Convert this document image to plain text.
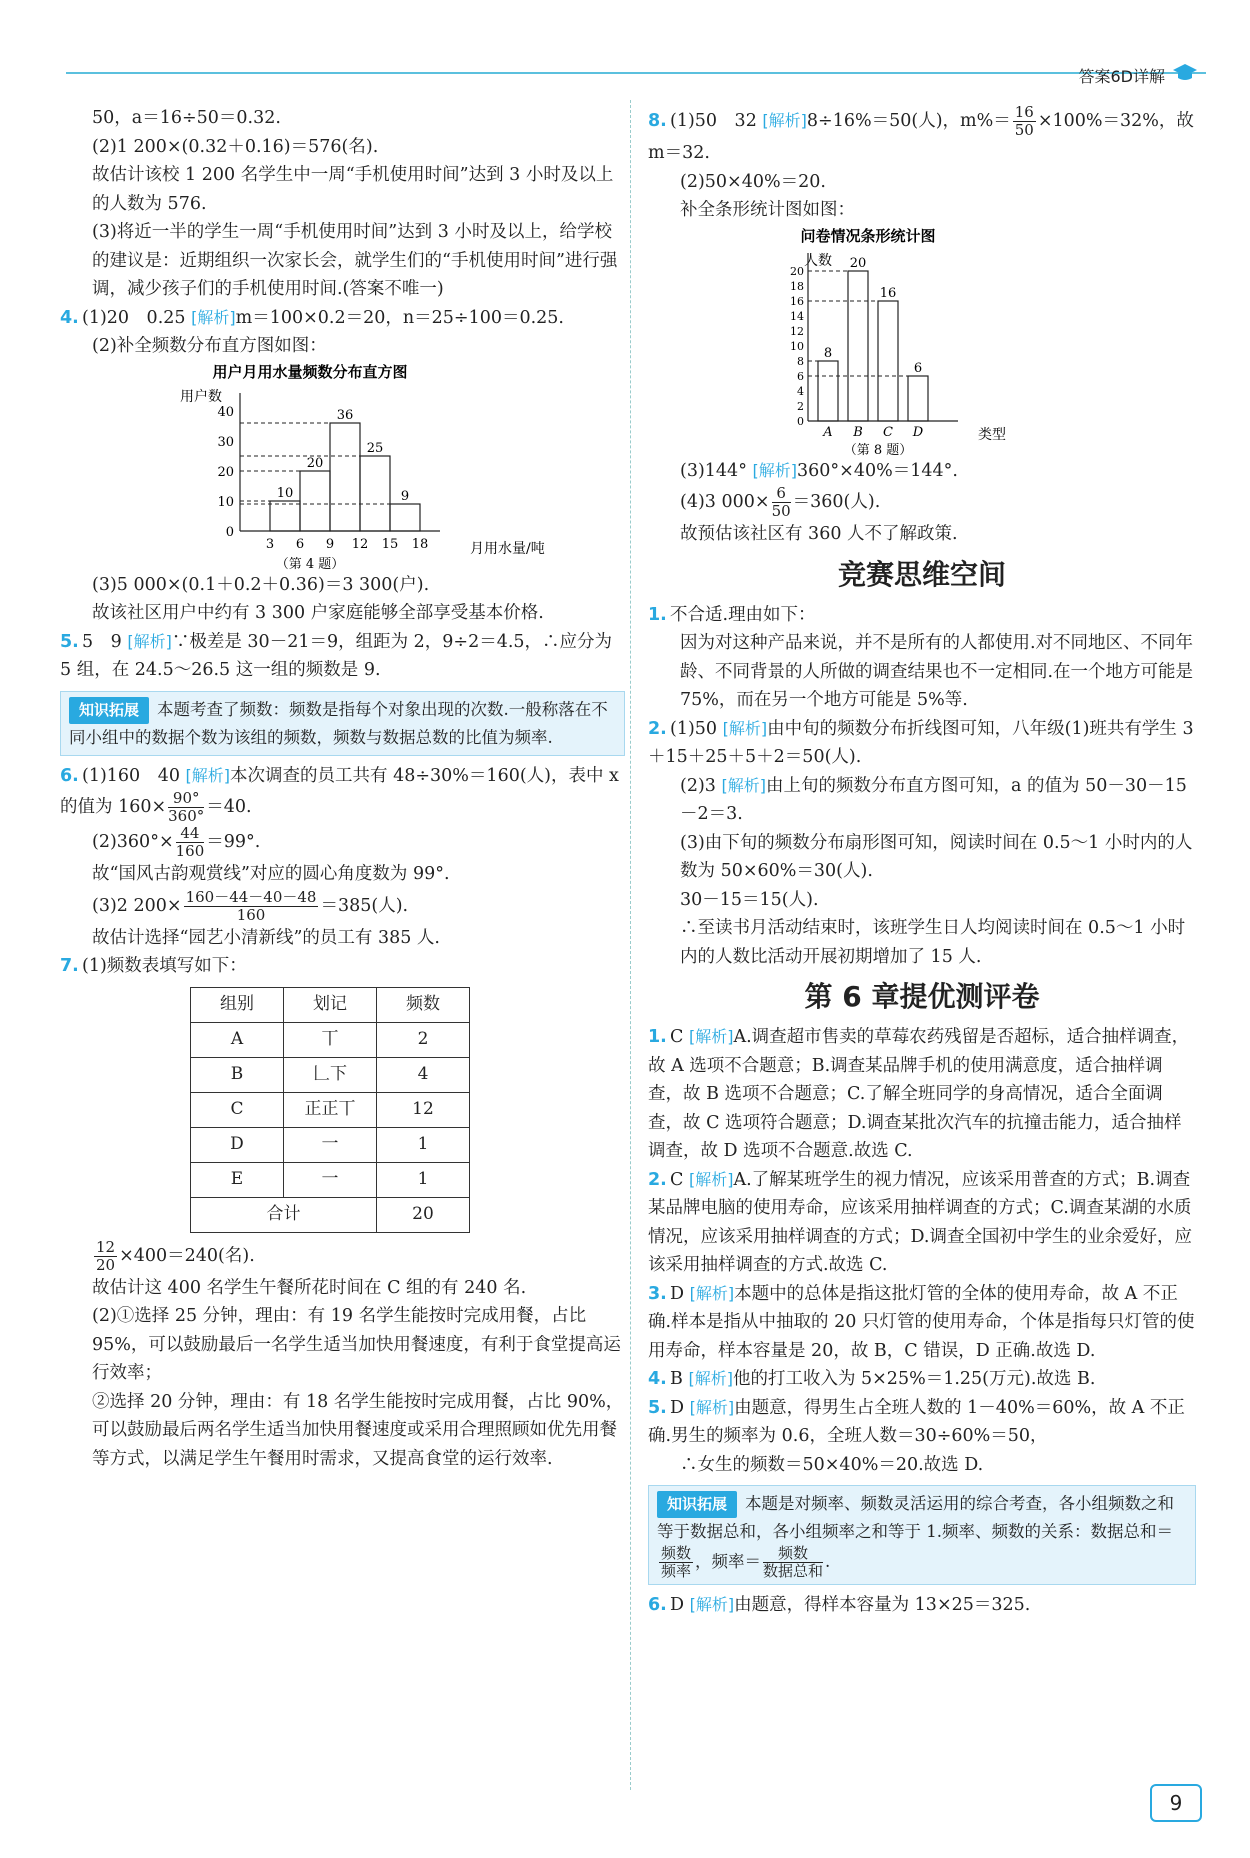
答案6D详解
50，a＝16÷50＝0.32.
(2)1 200×(0.32＋0.16)＝576(名).
故估计该校 1 200 名学生中一周“手机使用时间”达到 3 小时及以上的人数为 576.
(3)将近一半的学生一周“手机使用时间”达到 3 小时及以上，给学校的建议是：近期组织一次家长会，就学生们的“手机使用时间”进行强调，减少孩子们的手机使用时间.(答案不唯一)
4. (1)20　0.25 [解析]m＝100×0.2＝20，n＝25÷100＝0.25.
(2)补全频数分布直方图如图：
用户月用水量频数分布直方图
用户数
月用水量/吨
0
10
20
30
40
3 6 9 12 15 18
10
20
36
25
9
（第 4 题）
(3)5 000×(0.1＋0.2＋0.36)＝3 300(户).
故该社区用户中约有 3 300 户家庭能够全部享受基本价格.
5. 5　9 [解析]∵极差是 30－21＝9，组距为 2，9÷2＝4.5，∴应分为 5 组，在 24.5～26.5 这一组的频数是 9.
知识拓展 本题考查了频数：频数是指每个对象出现的次数.一般称落在不同小组中的数据个数为该组的频数，频数与数据总数的比值为频率.
6. (1)160　40 [解析]本次调查的员工共有 48÷30%＝160(人)，表中 x 的值为 $160\times \frac{90^\circ}{360^\circ} =40$.
$(2)360^\circ\times \frac{44}{160} =99^\circ$.
故“国风古韵观赏线”对应的圆心角度数为 99°.
(3)2 $200\times \frac{160-44-40-48}{160} =385$(人).
故估计选择“园艺小清新线”的员工有 385 人.
7. (1)频数表填写如下：
组别	划记	频数
A	丅	2
B	𠃊下	4
C	正正丅	12
D	一	1
E	一	1
合计		20
$\frac{12}{20} \times 400=240$(名).
故估计这 400 名学生午餐所花时间在 C 组的有 240 名.
(2)①选择 25 分钟，理由：有 19 名学生能按时完成用餐，占比 95%，可以鼓励最后一名学生适当加快用餐速度，有利于食堂提高运行效率；
②选择 20 分钟，理由：有 18 名学生能按时完成用餐，占比 90%，可以鼓励最后两名学生适当加快用餐速度或采用合理照顾如优先用餐等方式，以满足学生午餐用时需求，又提高食堂的运行效率.
8. (1)50　32 [解析]8÷16%＝50(人)，$m\%= \frac{16}{50} \times 100\%=32\%$，故 m＝32.
(2)50×40%＝20.
补全条形统计图如图：
问卷情况条形统计图
人数
类型
0
2
4
6
8
10
12
14
16
18
20
A B C D
8
20
16
6
（第 8 题）
(3)144° [解析]360°×40%＝144°.
(4)3 $000\times \frac{6}{50} =360$(人).
故预估该社区有 360 人不了解政策.
竞赛思维空间
1. 不合适.理由如下：
因为对这种产品来说，并不是所有的人都使用.对不同地区、不同年龄、不同背景的人所做的调查结果也不一定相同.在一个地方可能是 75%，而在另一个地方可能是 5%等.
2. (1)50 [解析]由中旬的频数分布折线图可知，八年级(1)班共有学生 3＋15＋25＋5＋2＝50(人).
(2)3 [解析]由上旬的频数分布直方图可知，a 的值为 50－30－15－2＝3.
(3)由下旬的频数分布扇形图可知，阅读时间在 0.5～1 小时内的人数为 50×60%＝30(人).
30－15＝15(人).
∴至读书月活动结束时，该班学生日人均阅读时间在 0.5～1 小时内的人数比活动开展初期增加了 15 人.
第 6 章提优测评卷
1. C [解析]A.调查超市售卖的草莓农药残留是否超标，适合抽样调查，故 A 选项不合题意；B.调查某品牌手机的使用满意度，适合抽样调查，故 B 选项不合题意；C.了解全班同学的身高情况，适合全面调查，故 C 选项符合题意；D.调查某批次汽车的抗撞击能力，适合抽样调查，故 D 选项不合题意.故选 C.
2. C [解析]A.了解某班学生的视力情况，应该采用普查的方式；B.调查某品牌电脑的使用寿命，应该采用抽样调查的方式；C.调查某湖的水质情况，应该采用抽样调查的方式；D.调查全国初中学生的业余爱好，应该采用抽样调查的方式.故选 C.
3. D [解析]本题中的总体是指这批灯管的全体的使用寿命，故 A 不正确.样本是指从中抽取的 20 只灯管的使用寿命，个体是指每只灯管的使用寿命，样本容量是 20，故 B，C 错误，D 正确.故选 D.
4. B [解析]他的打工收入为 5×25%＝1.25(万元).故选 B.
5. D [解析]由题意，得男生占全班人数的 1－40%＝60%，故 A 不正确.男生的频率为 0.6，全班人数＝30÷60%＝50，
∴女生的频数＝50×40%＝20.故选 D.
知识拓展 本题是对频率、频数灵活运用的综合考查，各小组频数之和等于数据总和，各小组频率之和等于 1.频率、频数的关系：数据总和＝
$\frac{\text{频数}}{\text{频率}}$ ，频率＝ $\frac{\text{频数}}{\text{数据总和}}$ .
6. D [解析]由题意，得样本容量为 13×25＝325.
9
